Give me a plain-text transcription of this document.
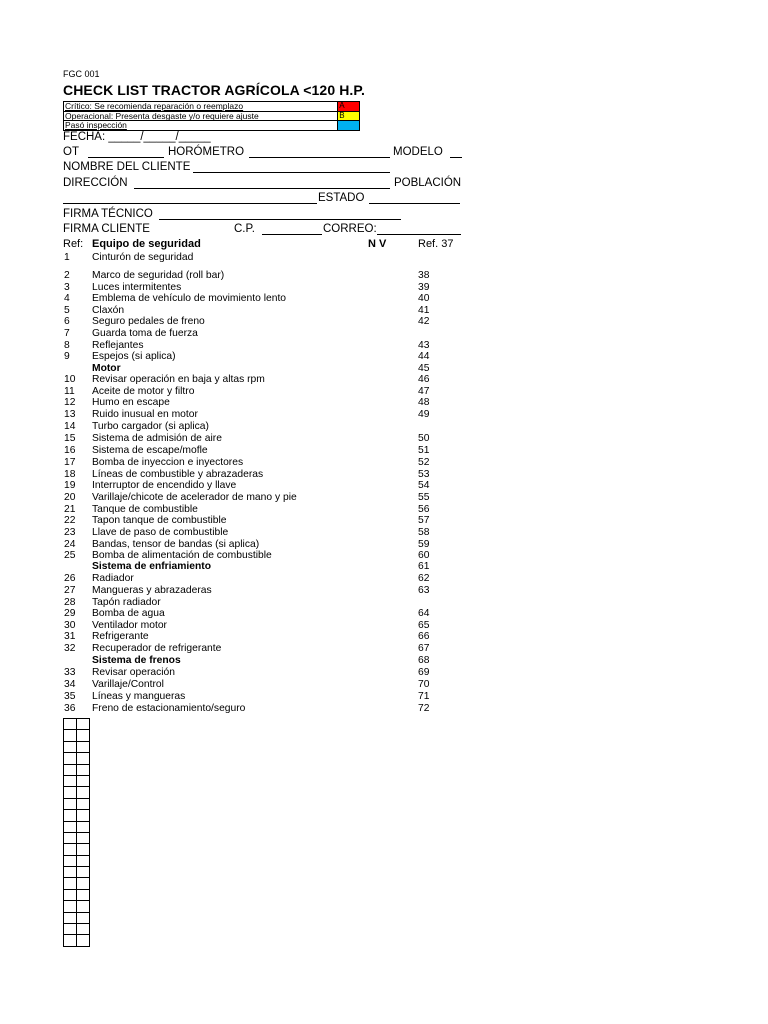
FGC 001
CHECK LIST TRACTOR AGRÍCOLA <120 H.P.
Crítico: Se recomienda reparación o reemplazo	A
Operacional: Presenta desgaste y/o requiere ajuste	B
Pasó inspección	
FECHA: _____/_____/_____
OT	HORÓMETRO	MODELO
NOMBRE DEL CLIENTE
DIRECCIÓN	POBLACIÓN
ESTADO
FIRMA TÉCNICO
FIRMA CLIENTE	C.P.	CORREO:
Ref: Equipo de seguridad	N V	Ref. 37
1 Cinturón de seguridad
2 Marco de seguridad (roll bar)	38
3 Luces intermitentes	39
4 Emblema de vehículo de movimiento lento	40
5 Claxón	41
6 Seguro pedales de freno	42
7 Guarda toma de fuerza
8 Reflejantes	43
9 Espejos (si aplica)	44
Motor	45
10 Revisar operación en baja y altas rpm	46
11 Aceite de motor y filtro	47
12 Humo en escape	48
13 Ruido inusual en motor	49
14 Turbo cargador (si aplica)
15 Sistema de admisión de aire	50
16 Sistema de escape/mofle	51
17 Bomba de inyeccion e inyectores	52
18 Líneas de combustible y abrazaderas	53
19 Interruptor de encendido y llave	54
20 Varillaje/chicote de acelerador de mano y pie	55
21 Tanque de combustible	56
22 Tapon tanque de combustible	57
23 Llave de paso de combustible	58
24 Bandas, tensor de bandas (si aplica)	59
25 Bomba de alimentación de combustible	60
Sistema de enfriamiento	61
26 Radiador	62
27 Mangueras y abrazaderas	63
28 Tapón radiador
29 Bomba de agua	64
30 Ventilador motor	65
31 Refrigerante	66
32 Recuperador de refrigerante	67
Sistema de frenos	68
33 Revisar operación	69
34 Varillaje/Control	70
35 Líneas y mangueras	71
36 Freno de estacionamiento/seguro	72
